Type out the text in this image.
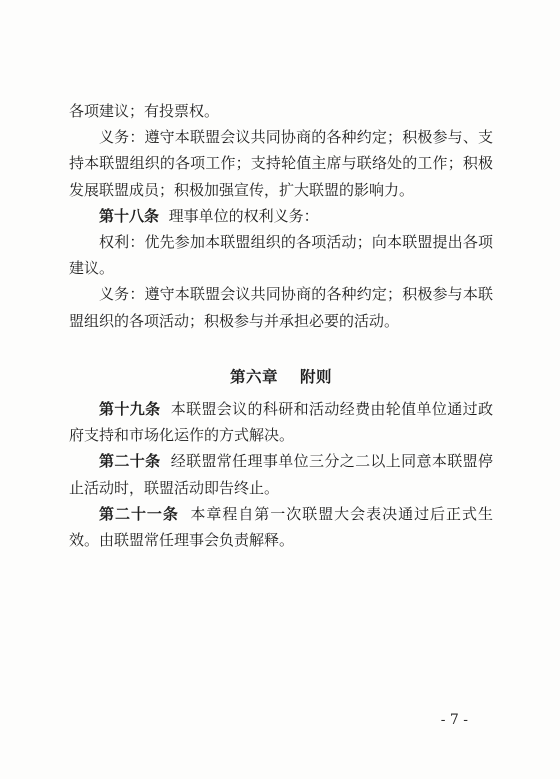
各项建议；有投票权。

义务：遵守本联盟会议共同协商的各种约定；积极参与、支持本联盟组织的各项工作；支持轮值主席与联络处的工作；积极发展联盟成员；积极加强宣传，扩大联盟的影响力。

第十八条 理事单位的权利义务：

权利：优先参加本联盟组织的各项活动；向本联盟提出各项建议。

义务：遵守本联盟会议共同协商的各种约定；积极参与本联盟组织的各项活动；积极参与并承担必要的活动。

第六章 附则

第十九条 本联盟会议的科研和活动经费由轮值单位通过政府支持和市场化运作的方式解决。

第二十条 经联盟常任理事单位三分之二以上同意本联盟停止活动时，联盟活动即告终止。

第二十一条 本章程自第一次联盟大会表决通过后正式生效。由联盟常任理事会负责解释。

- 7 -
